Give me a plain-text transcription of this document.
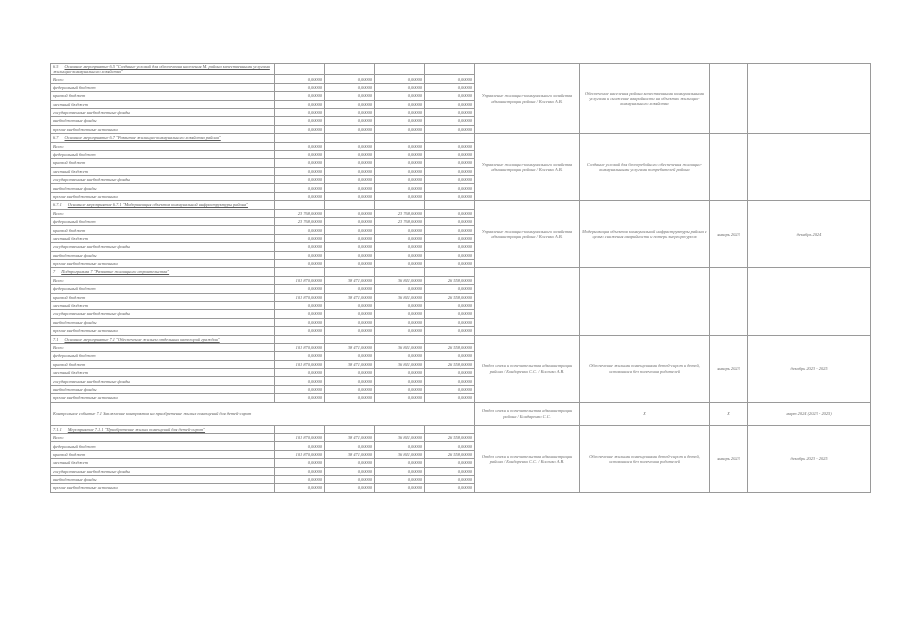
6.5 Основное мероприятие 6.5 "Создание условий для обеспечения населения М. района качественными услугами жилищно-коммунального хозяйства"					Управление жилищно-коммунального хозяйства администрации района / Косенко А.В.	Обеспечение населения района качественными коммунальными услугами и снижение аварийности на объектах жилищно-коммунального хозяйства		
Всего	0,00000	0,00000	0,00000	0,00000				
федеральный бюджет	0,00000	0,00000	0,00000	0,00000				
краевой бюджет	0,00000	0,00000	0,00000	0,00000				
местный бюджет	0,00000	0,00000	0,00000	0,00000				
государственные внебюджетные фонды	0,00000	0,00000	0,00000	0,00000				
внебюджетные фонды	0,00000	0,00000	0,00000	0,00000				
прочие внебюджетные источники	0,00000	0,00000	0,00000	0,00000				
6.7 Основное мероприятие 6.7 "Развитие жилищно-коммунального хозяйства района"					Управление жилищно-коммунального хозяйства администрации района / Косенко А.В.	Создание условий для бесперебойного обеспечения жилищно-коммунальными услугами потребителей района		
Всего	0,00000	0,00000	0,00000	0,00000				
федеральный бюджет	0,00000	0,00000	0,00000	0,00000				
краевой бюджет	0,00000	0,00000	0,00000	0,00000				
местный бюджет	0,00000	0,00000	0,00000	0,00000				
государственные внебюджетные фонды	0,00000	0,00000	0,00000	0,00000				
внебюджетные фонды	0,00000	0,00000	0,00000	0,00000				
прочие внебюджетные источники	0,00000	0,00000	0,00000	0,00000				
6.7.1 Основное мероприятие 6.7.1 "Модернизация объектов коммунальной инфраструктуры района"					Управление жилищно-коммунального хозяйства администрации района / Косенко А.В.	Модернизация объектов коммунальной инфраструктуры района с целью снижения аварийности и потерь энергоресурсов	январь 2023	декабрь 2024
Всего	23 768,00000	0,00000	23 768,00000	0,00000				
федеральный бюджет	23 768,00000	0,00000	23 768,00000	0,00000				
краевой бюджет	0,00000	0,00000	0,00000	0,00000				
местный бюджет	0,00000	0,00000	0,00000	0,00000				
государственные внебюджетные фонды	0,00000	0,00000	0,00000	0,00000				
внебюджетные фонды	0,00000	0,00000	0,00000	0,00000				
прочие внебюджетные источники	0,00000	0,00000	0,00000	0,00000				
7 Подпрограмма 7 "Развитие жилищного строительства"								
Всего	101 870,00000	38 471,00000	36 841,00000	26 558,00000				
федеральный бюджет	0,00000	0,00000	0,00000	0,00000				
краевой бюджет	101 870,00000	38 471,00000	36 841,00000	26 558,00000				
местный бюджет	0,00000	0,00000	0,00000	0,00000				
государственные внебюджетные фонды	0,00000	0,00000	0,00000	0,00000				
внебюджетные фонды	0,00000	0,00000	0,00000	0,00000				
прочие внебюджетные источники	0,00000	0,00000	0,00000	0,00000				
7.1 Основное мероприятие 7.1 "Обеспечение жильем отдельных категорий граждан"					Отдел опеки и попечительства администрации района / Бондаренко С.С. / Косенко А.В.	Обеспечение жилыми помещениями детей-сирот и детей, оставшихся без попечения родителей	январь 2023	декабрь 2023 - 2025
Всего	101 870,00000	38 471,00000	36 841,00000	26 558,00000				
федеральный бюджет	0,00000	0,00000	0,00000	0,00000				
краевой бюджет	101 870,00000	38 471,00000	36 841,00000	26 558,00000				
местный бюджет	0,00000	0,00000	0,00000	0,00000				
государственные внебюджетные фонды	0,00000	0,00000	0,00000	0,00000				
внебюджетные фонды	0,00000	0,00000	0,00000	0,00000				
прочие внебюджетные источники	0,00000	0,00000	0,00000	0,00000				
Контрольное событие 7.1 Заключение контрактов на приобретение жилых помещений для детей-сирот					Отдел опеки и попечительства администрации района / Бондаренко С.С.	Х	Х	март 2024 (2023 - 2025)
7.1.1 Мероприятие 7.1.1 "Приобретение жилых помещений для детей-сирот"					Отдел опеки и попечительства администрации района / Бондаренко С.С. / Косенко А.В.	Обеспечение жилыми помещениями детей-сирот и детей, оставшихся без попечения родителей	январь 2023	декабрь 2023 - 2025
Всего	101 870,00000	38 471,00000	36 841,00000	26 558,00000				
федеральный бюджет	0,00000	0,00000	0,00000	0,00000				
краевой бюджет	101 870,00000	38 471,00000	36 841,00000	26 558,00000				
местный бюджет	0,00000	0,00000	0,00000	0,00000				
государственные внебюджетные фонды	0,00000	0,00000	0,00000	0,00000				
внебюджетные фонды	0,00000	0,00000	0,00000	0,00000				
прочие внебюджетные источники	0,00000	0,00000	0,00000	0,00000				
